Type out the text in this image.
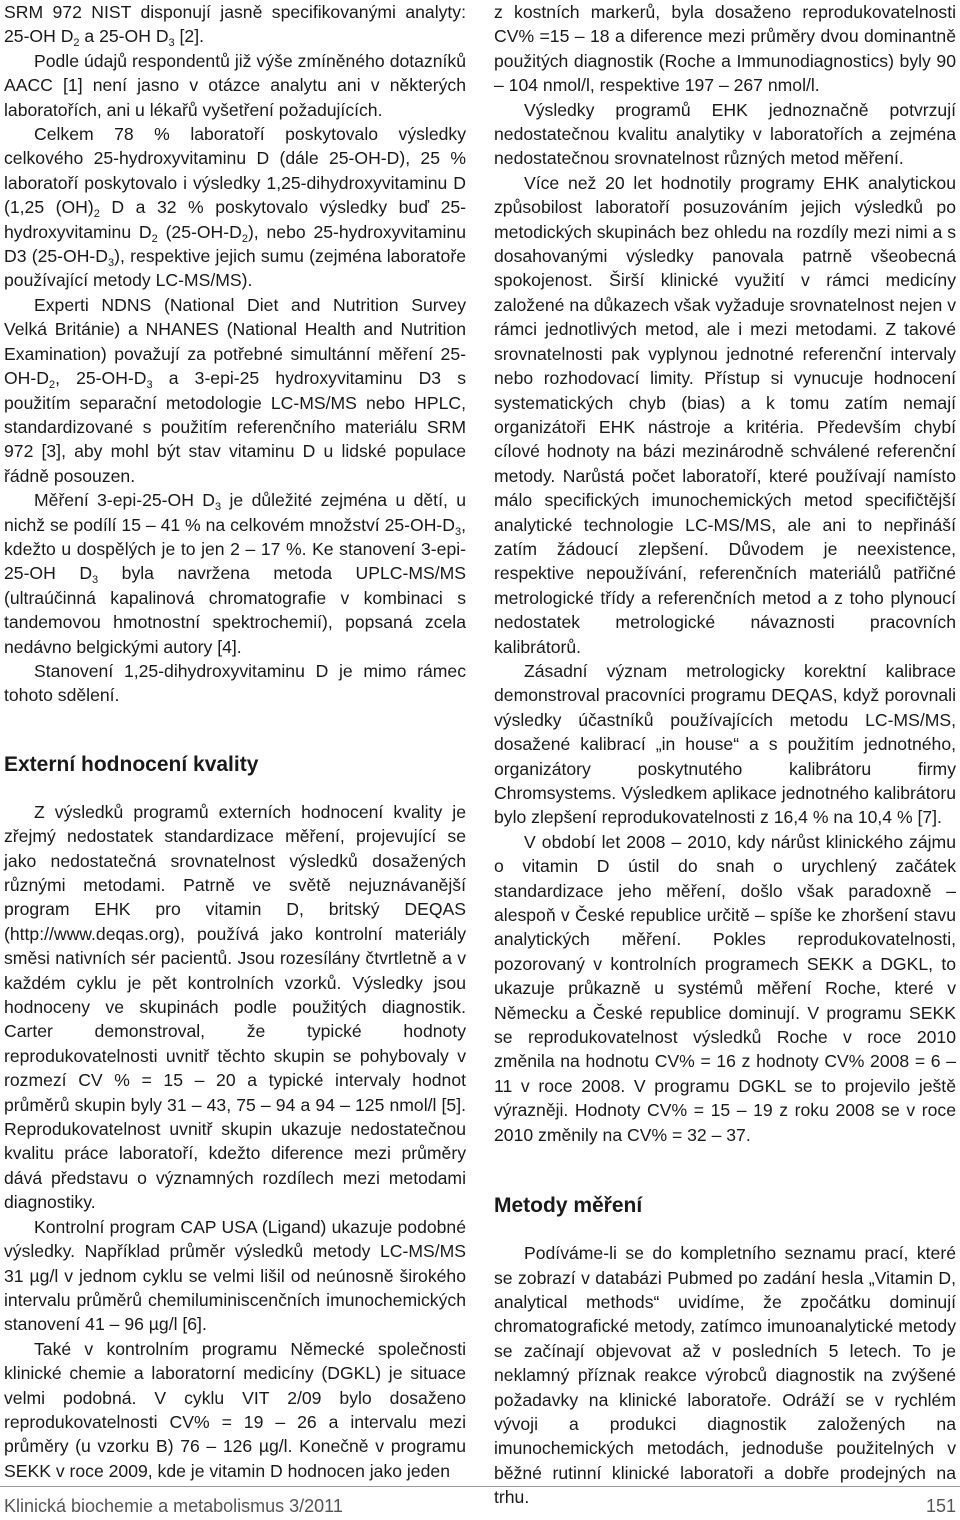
SRM 972 NIST disponují jasně specifikovanými analyty: 25-OH $D_2$ a 25-OH $D_3$ [2].

Podle údajů respondentů již výše zmíněného dotazníků AACC [1] není jasno v otázce analytu ani v některých laboratořích, ani u lékařů vyšetření požadujících.

Celkem 78 % laboratoří poskytovalo výsledky celkového 25-hydroxyvitaminu D (dále 25-OH-D), 25 % laboratoří poskytovalo i výsledky 1,25-dihydroxyvitaminu D (1,25 $(OH)_2$ D a 32 % poskytovalo výsledky buď 25-hydroxyvitaminu $D_2$ $(25-OH-D_2)$, nebo 25-hydroxyvitaminu D3 $(25-OH-D_3)$, respektive jejich sumu (zejména laboratoře používající metody LC-MS/MS).

Experti NDNS (National Diet and Nutrition Survey Velká Británie) a NHANES (National Health and Nutrition Examination) považují za potřebné simultánní měření $25-OH-D_2$, $25-OH-D_3$ a 3-epi-25 hydroxyvitaminu D3 s použitím separační metodologie LC-MS/MS nebo HPLC, standardizované s použitím referenčního materiálu SRM 972 [3], aby mohl být stav vitaminu D u lidské populace řádně posouzen.

Měření 3-epi-25-OH $D_3$ je důležité zejména u dětí, u nichž se podílí 15 – 41 % na celkovém množství $25-OH-D_3$, kdežto u dospělých je to jen 2 – 17 %. Ke stanovení 3-epi-25-OH $D_3$ byla navržena metoda UPLC-MS/MS (ultraúčinná kapalinová chromatografie v kombinaci s tandemovou hmotnostní spektrochemií), popsaná zcela nedávno belgickými autory [4].

Stanovení 1,25-dihydroxyvitaminu D je mimo rámec tohoto sdělení.

Externí hodnocení kvality

Z výsledků programů externích hodnocení kvality je zřejmý nedostatek standardizace měření, projevující se jako nedostatečná srovnatelnost výsledků dosažených různými metodami. Patrně ve světě nejuznávanější program EHK pro vitamin D, britský DEQAS (http://www.deqas.org), používá jako kontrolní materiály směsi nativních sér pacientů. Jsou rozesílány čtvrtletně a v každém cyklu je pět kontrolních vzorků. Výsledky jsou hodnoceny ve skupinách podle použitých diagnostik. Carter demonstroval, že typické hodnoty reprodukovatelnosti uvnitř těchto skupin se pohybovaly v rozmezí CV % = 15 – 20 a typické intervaly hodnot průměrů skupin byly 31 – 43, 75 – 94 a 94 – 125 nmol/l [5]. Reprodukovatelnost uvnitř skupin ukazuje nedostatečnou kvalitu práce laboratoří, kdežto diference mezi průměry dává představu o významných rozdílech mezi metodami diagnostiky.

Kontrolní program CAP USA (Ligand) ukazuje podobné výsledky. Například průměr výsledků metody LC-MS/MS 31 µg/l v jednom cyklu se velmi lišil od neúnosně širokého intervalu průměrů chemiluminiscenčních imunochemických stanovení 41 – 96 µg/l [6].

Také v kontrolním programu Německé společnosti klinické chemie a laboratorní medicíny (DGKL) je situace velmi podobná. V cyklu VIT 2/09 bylo dosaženo reprodukovatelnosti CV% = 19 – 26 a intervalu mezi průměry (u vzorku B) 76 – 126 µg/l. Konečně v programu SEKK v roce 2009, kde je vitamin D hodnocen jako jeden

z kostních markerů, byla dosaženo reprodukovatelnosti CV% =15 – 18 a diference mezi průměry dvou dominantně použitých diagnostik (Roche a Immunodiagnostics) byly 90 – 104 nmol/l, respektive 197 – 267 nmol/l.

Výsledky programů EHK jednoznačně potvrzují nedostatečnou kvalitu analytiky v laboratořích a zejména nedostatečnou srovnatelnost různých metod měření.

Více než 20 let hodnotily programy EHK analytickou způsobilost laboratoří posuzováním jejich výsledků po metodických skupinách bez ohledu na rozdíly mezi nimi a s dosahovanými výsledky panovala patrně všeobecná spokojenost. Širší klinické využití v rámci medicíny založené na důkazech však vyžaduje srovnatelnost nejen v rámci jednotlivých metod, ale i mezi metodami. Z takové srovnatelnosti pak vyplynou jednotné referenční intervaly nebo rozhodovací limity. Přístup si vynucuje hodnocení systematických chyb (bias) a k tomu zatím nemají organizátoři EHK nástroje a kritéria. Především chybí cílové hodnoty na bázi mezinárodně schválené referenční metody. Narůstá počet laboratoří, které používají namísto málo specifických imunochemických metod specifičtější analytické technologie LC-MS/MS, ale ani to nepřináší zatím žádoucí zlepšení. Důvodem je neexistence, respektive nepoužívání, referenčních materiálů patřičné metrologické třídy a referenčních metod a z toho plynoucí nedostatek metrologické návaznosti pracovních kalibrátorů.

Zásadní význam metrologicky korektní kalibrace demonstroval pracovníci programu DEQAS, když porovnali výsledky účastníků používajících metodu LC-MS/MS, dosažené kalibrací „in house“ a s použitím jednotného, organizátory poskytnutého kalibrátoru firmy Chromsystems. Výsledkem aplikace jednotného kalibrátoru bylo zlepšení reprodukovatelnosti z 16,4 % na 10,4 % [7].

V období let 2008 – 2010, kdy nárůst klinického zájmu o vitamin D ústil do snah o urychlený začátek standardizace jeho měření, došlo však paradoxně – alespoň v České republice určitě – spíše ke zhoršení stavu analytických měření. Pokles reprodukovatelnosti, pozorovaný v kontrolních programech SEKK a DGKL, to ukazuje průkazně u systémů měření Roche, které v Německu a České republice dominují. V programu SEKK se reprodukovatelnost výsledků Roche v roce 2010 změnila na hodnotu CV% = 16 z hodnoty CV% 2008 = 6 – 11 v roce 2008. V programu DGKL se to projevilo ještě výrazněji. Hodnoty CV% = 15 – 19 z roku 2008 se v roce 2010 změnily na CV% = 32 – 37.

Metody měření

Podíváme-li se do kompletního seznamu prací, které se zobrazí v databázi Pubmed po zadání hesla „Vitamin D, analytical methods“ uvidíme, že zpočátku dominují chromatografické metody, zatímco imunoanalytické metody se začínají objevovat až v posledních 5 letech. To je neklamný příznak reakce výrobců diagnostik na zvýšené požadavky na klinické laboratoře. Odráží se v rychlém vývoji a produkci diagnostik založených na imunochemických metodách, jednoduše použitelných v běžné rutinní klinické laboratoři a dobře prodejných na trhu.

Klinická biochemie a metabolismus 3/2011	151
